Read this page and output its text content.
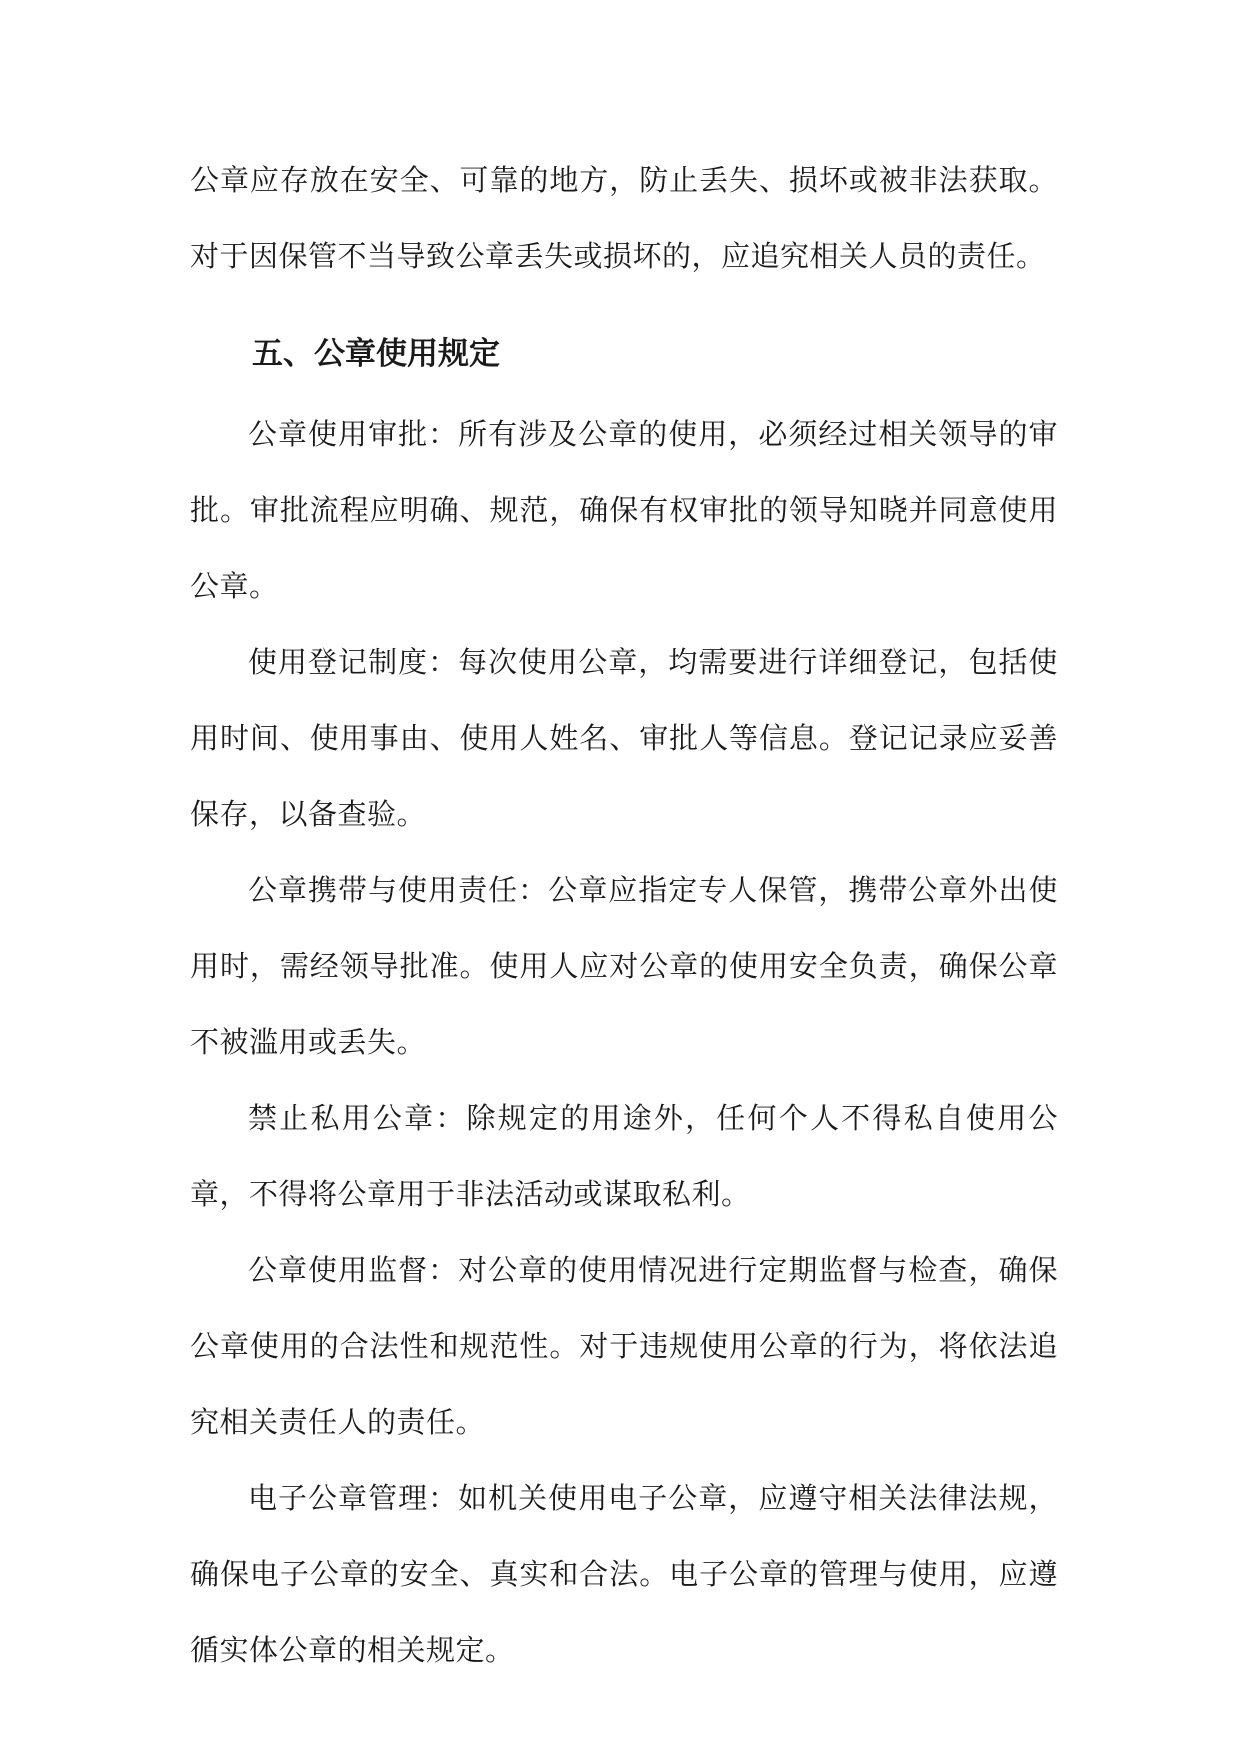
公章应存放在安全、可靠的地方，防止丢失、损坏或被非法获取。对于因保管不当导致公章丢失或损坏的，应追究相关人员的责任。

五、公章使用规定

公章使用审批：所有涉及公章的使用，必须经过相关领导的审批。审批流程应明确、规范，确保有权审批的领导知晓并同意使用公章。

使用登记制度：每次使用公章，均需要进行详细登记，包括使用时间、使用事由、使用人姓名、审批人等信息。登记记录应妥善保存，以备查验。

公章携带与使用责任：公章应指定专人保管，携带公章外出使用时，需经领导批准。使用人应对公章的使用安全负责，确保公章不被滥用或丢失。

禁止私用公章：除规定的用途外，任何个人不得私自使用公章，不得将公章用于非法活动或谋取私利。

公章使用监督：对公章的使用情况进行定期监督与检查，确保公章使用的合法性和规范性。对于违规使用公章的行为，将依法追究相关责任人的责任。

电子公章管理：如机关使用电子公章，应遵守相关法律法规，确保电子公章的安全、真实和合法。电子公章的管理与使用，应遵循实体公章的相关规定。
